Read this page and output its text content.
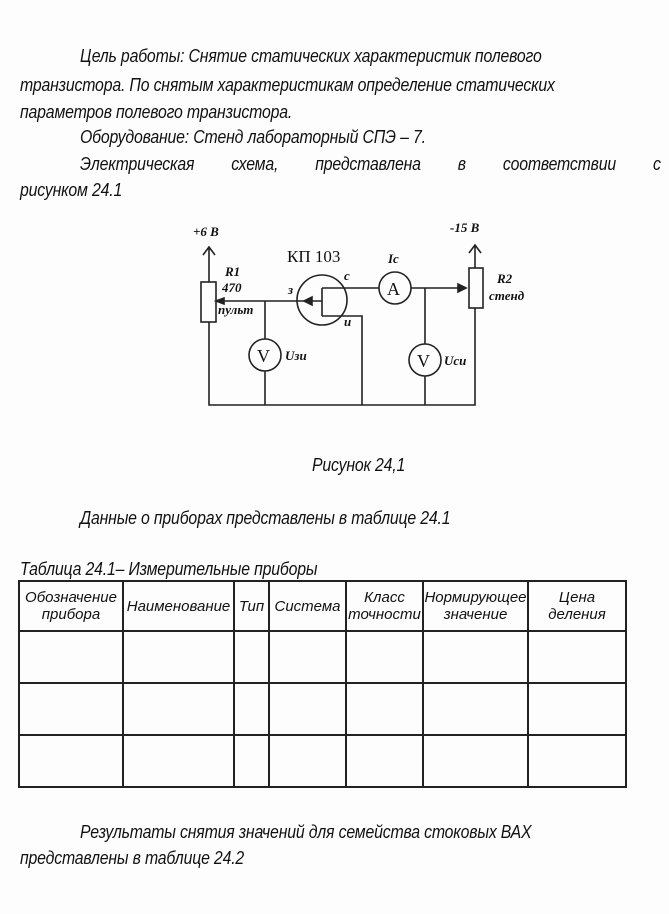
Цель работы: Снятие статических характеристик полевого
транзистора. По снятым характеристикам определение статических
параметров полевого транзистора.
Оборудование: Стенд лабораторный СПЭ – 7.
Электрическая схема, представлена в соответствии с
рисунком 24.1
+6 В	-15 В
КП 103
R1
470
пульт
R2
стенд
Ic
с
з
и
A
V	V
Uзи	Uси
Рисунок 24,1
Данные о приборах представлены в таблице 24.1
Таблица 24.1– Измерительные приборы
Обозначение прибора	Наименование	Тип	Система	Класс точности	Нормирующее значение	Цена деления

Результаты снятия значений для семейства стоковых ВАХ
представлены в таблице 24.2
